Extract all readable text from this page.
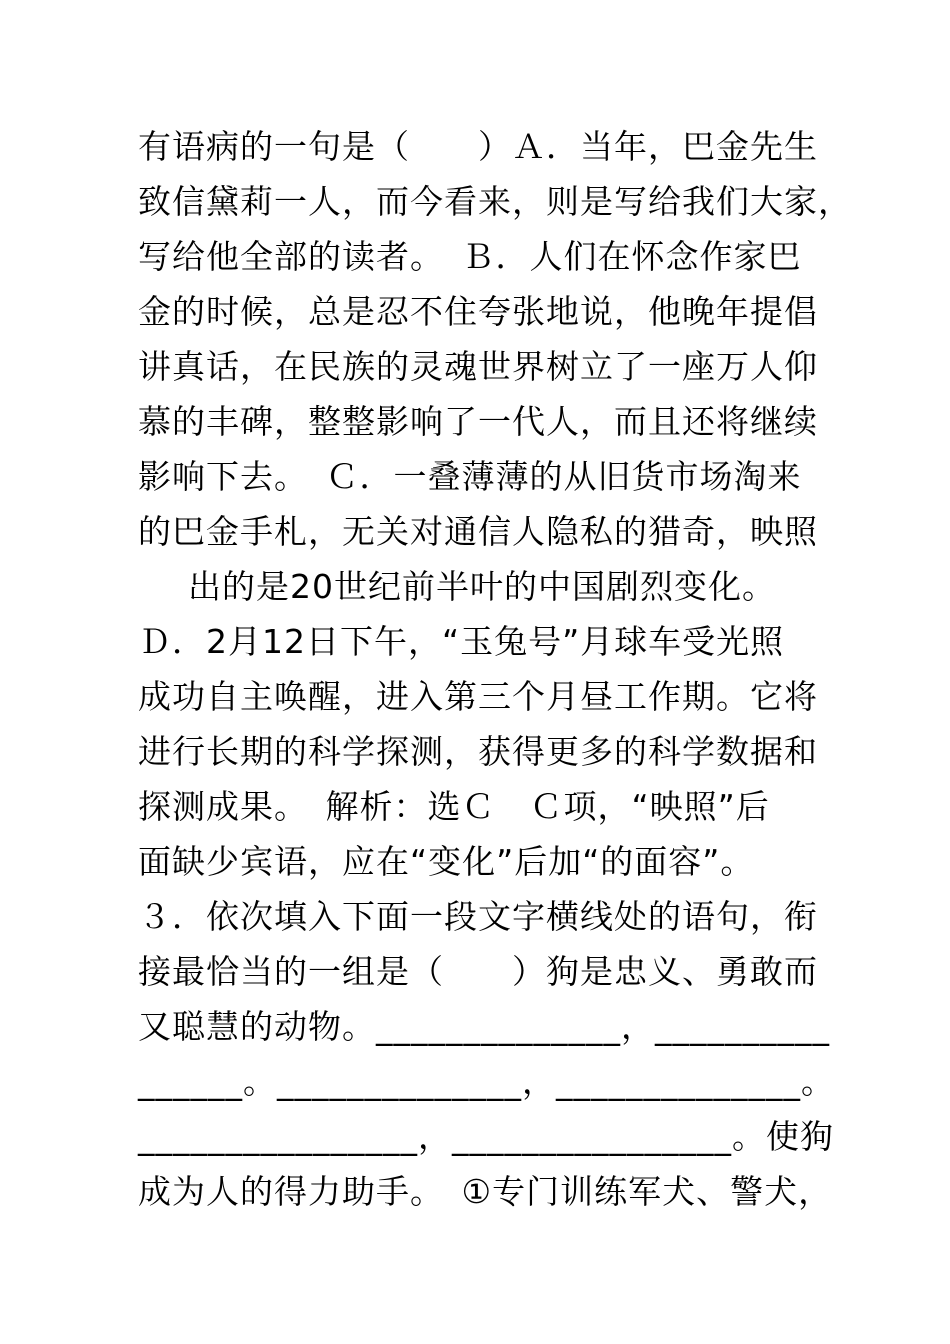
有语病的一句是（　　）Ａ．当年，巴金先生
致信黛莉一人，而今看来，则是写给我们大家，
写给他全部的读者。　Ｂ．人们在怀念作家巴
金的时候，总是忍不住夸张地说，他晚年提倡
讲真话，在民族的灵魂世界树立了一座万人仰
慕的丰碑，整整影响了一代人，而且还将继续
影响下去。　Ｃ．一叠薄薄的从旧货市场淘来
的巴金手札，无关对通信人隐私的猎奇，映照
出的是20世纪前半叶的中国剧烈变化。
Ｄ．2月12日下午，“玉兔号”月球车受光照
成功自主唤醒，进入第三个月昼工作期。它将
进行长期的科学探测，获得更多的科学数据和
探测成果。　解析：选Ｃ　Ｃ项，“映照”后
面缺少宾语，应在“变化”后加“的面容”。
３．依次填入下面一段文字横线处的语句，衔
接最恰当的一组是（　　）狗是忠义、勇敢而
又聪慧的动物。______________，__________
______。______________，______________。
________________，________________。使狗
成为人的得力助手。　①专门训练军犬、警犬，
